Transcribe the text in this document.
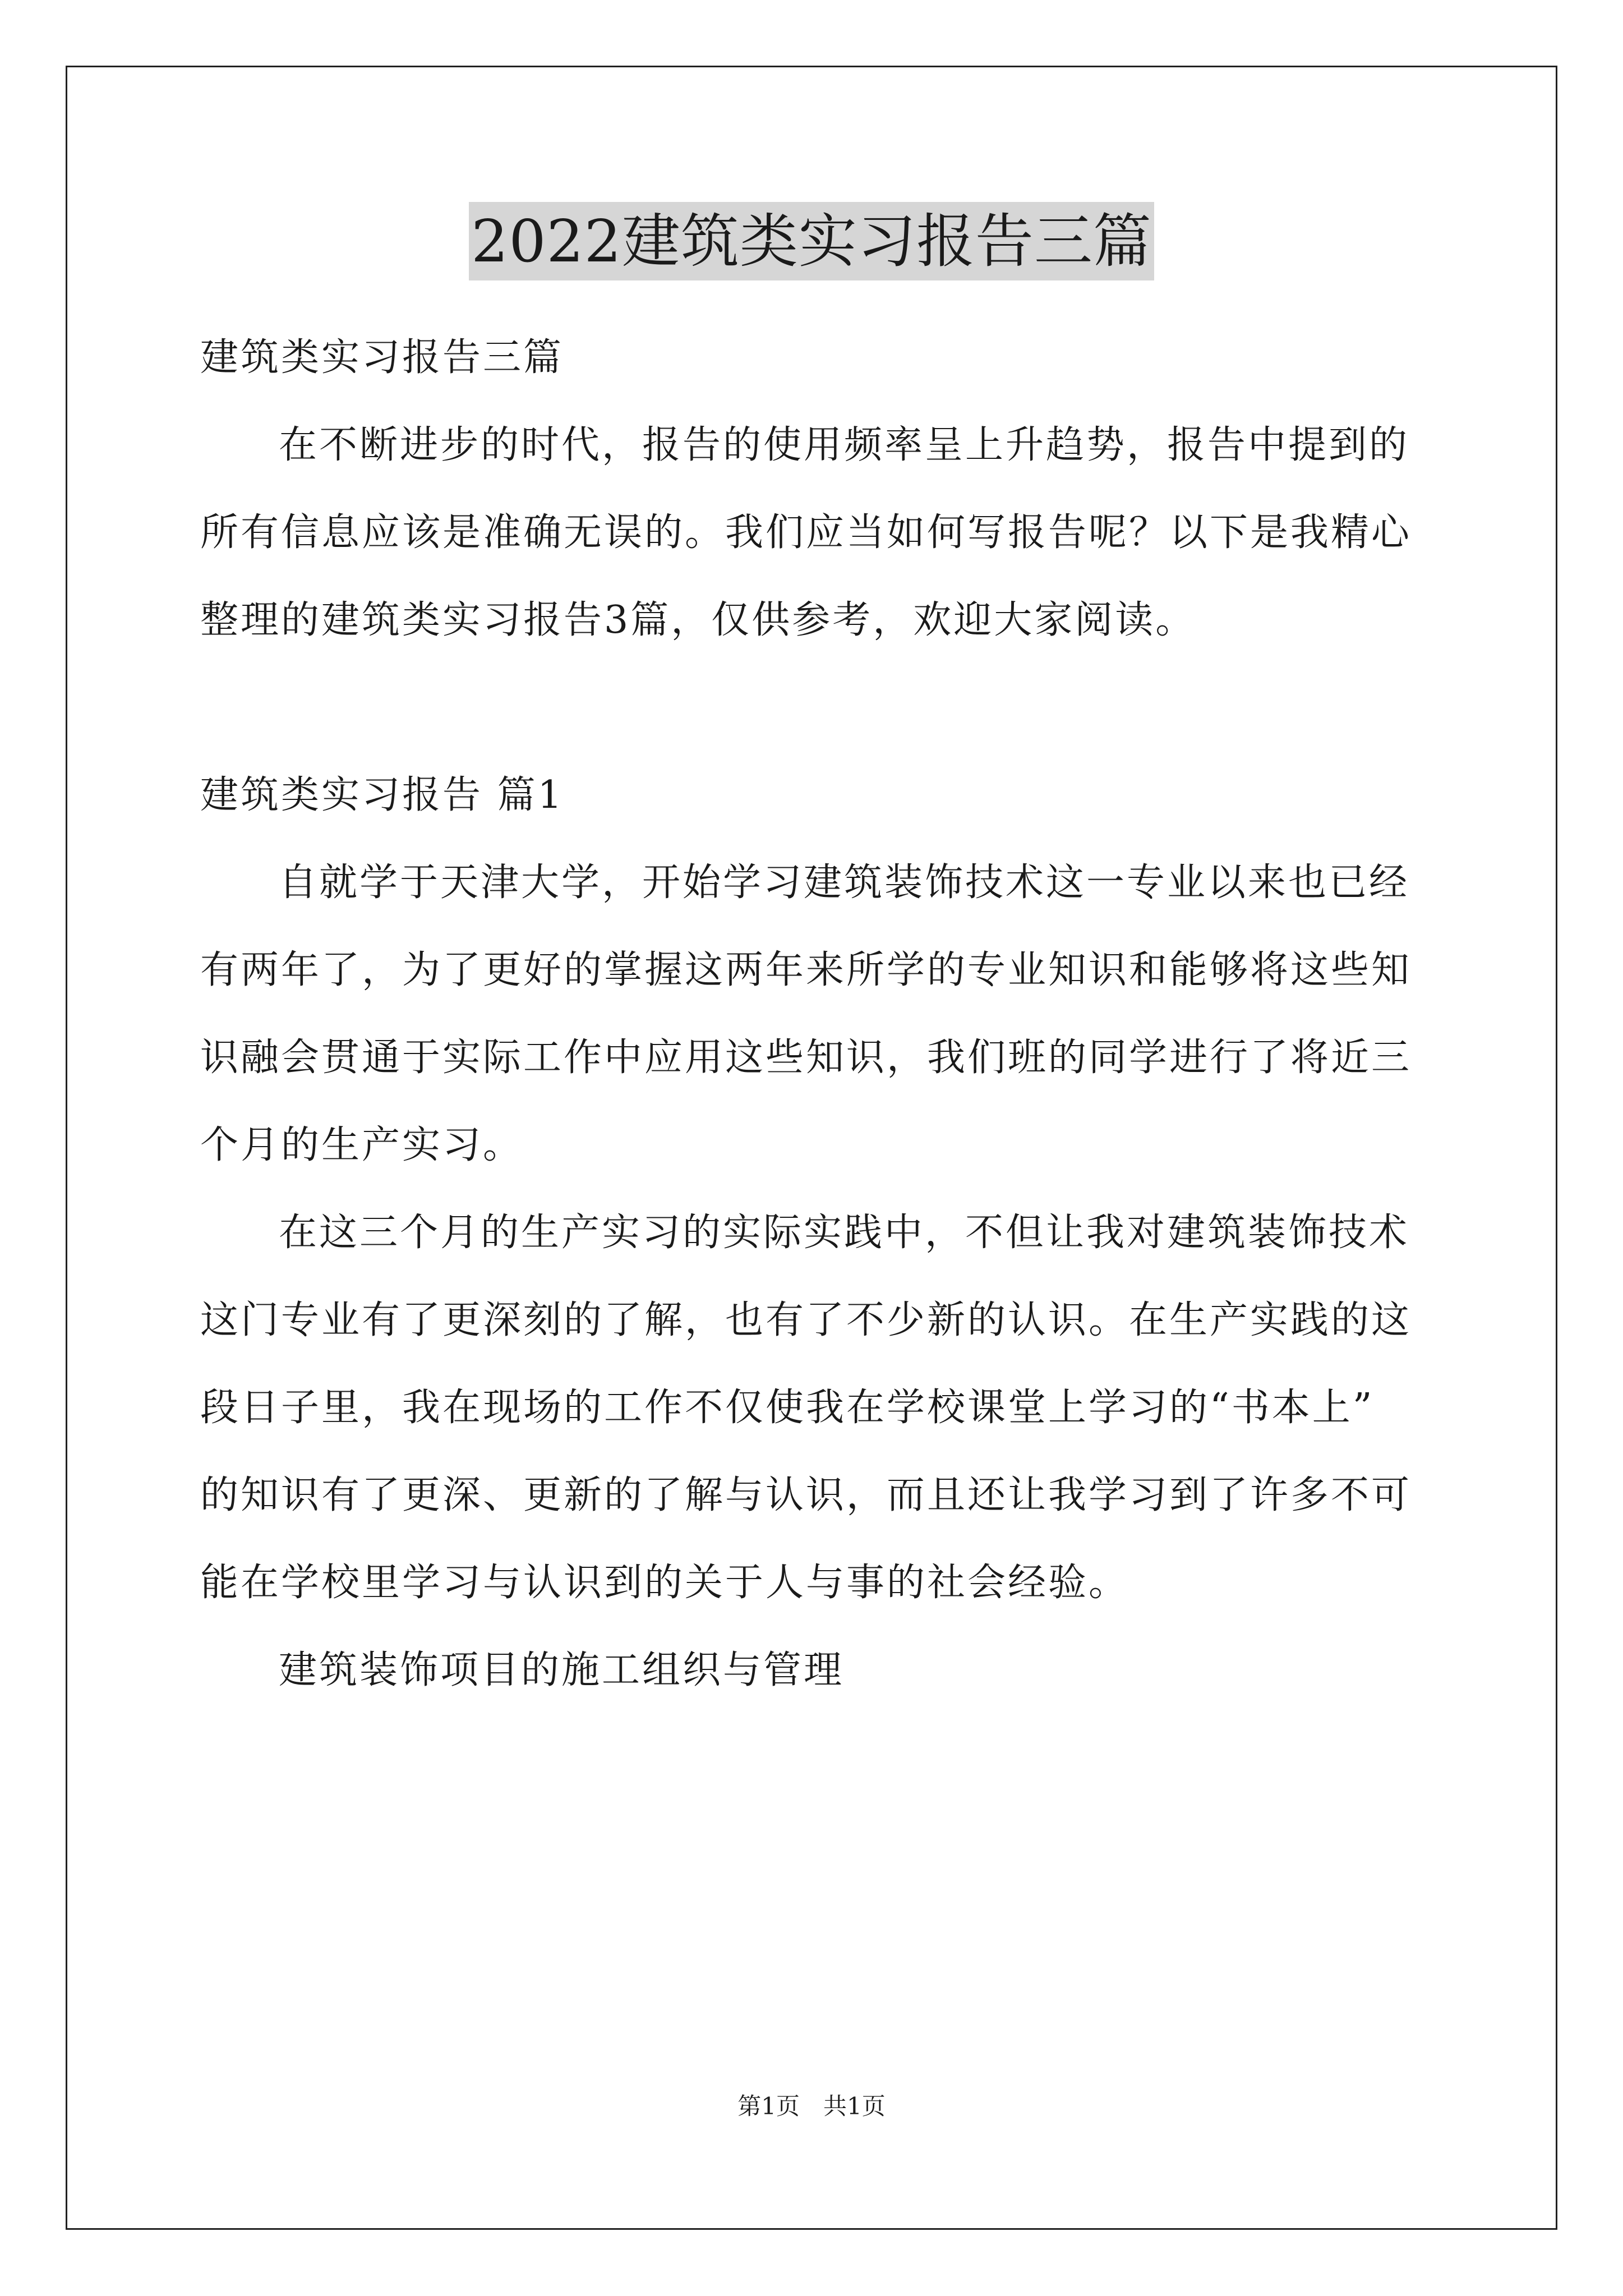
2022建筑类实习报告三篇
建筑类实习报告三篇
在不断进步的时代，报告的使用频率呈上升趋势，报告中提到的
所有信息应该是准确无误的。我们应当如何写报告呢？以下是我精心
整理的建筑类实习报告3篇，仅供参考，欢迎大家阅读。
建筑类实习报告 篇1
自就学于天津大学，开始学习建筑装饰技术这一专业以来也已经
有两年了，为了更好的掌握这两年来所学的专业知识和能够将这些知
识融会贯通于实际工作中应用这些知识，我们班的同学进行了将近三
个月的生产实习。
在这三个月的生产实习的实际实践中，不但让我对建筑装饰技术
这门专业有了更深刻的了解，也有了不少新的认识。在生产实践的这
段日子里，我在现场的工作不仅使我在学校课堂上学习的“书本上”
的知识有了更深、更新的了解与认识，而且还让我学习到了许多不可
能在学校里学习与认识到的关于人与事的社会经验。
建筑装饰项目的施工组织与管理
第1页　共1页
